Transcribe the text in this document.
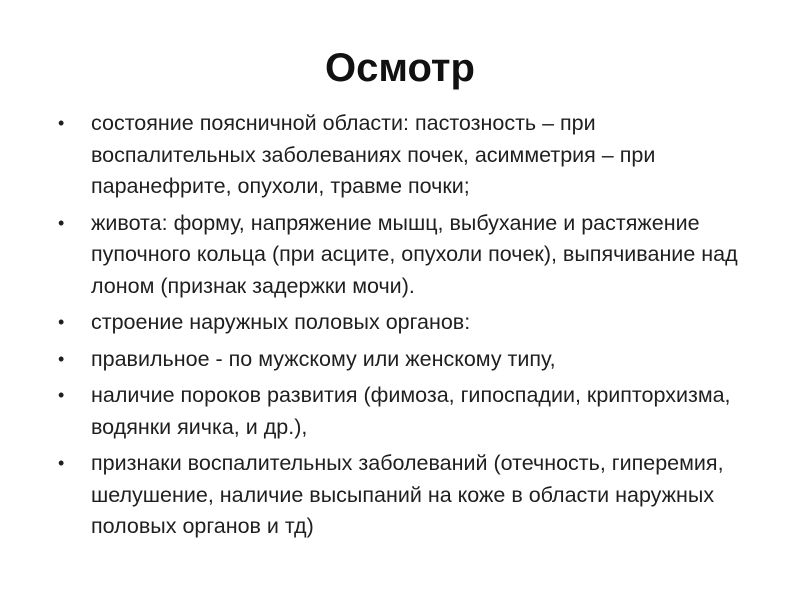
Осмотр
• состояние поясничной области: пастозность – при воспалительных заболеваниях почек, асимметрия – при паранефрите, опухоли, травме почки;
• живота: форму, напряжение мышц, выбухание и растяжение пупочного кольца (при асците, опухоли почек), выпячивание над лоном (признак задержки мочи).
• строение наружных половых органов:
• правильное - по мужскому или женскому типу,
• наличие пороков развития (фимоза, гипоспадии, крипторхизма, водянки яичка, и др.),
• признаки воспалительных заболеваний (отечность, гиперемия, шелушение, наличие высыпаний на коже в области наружных половых органов и тд)
